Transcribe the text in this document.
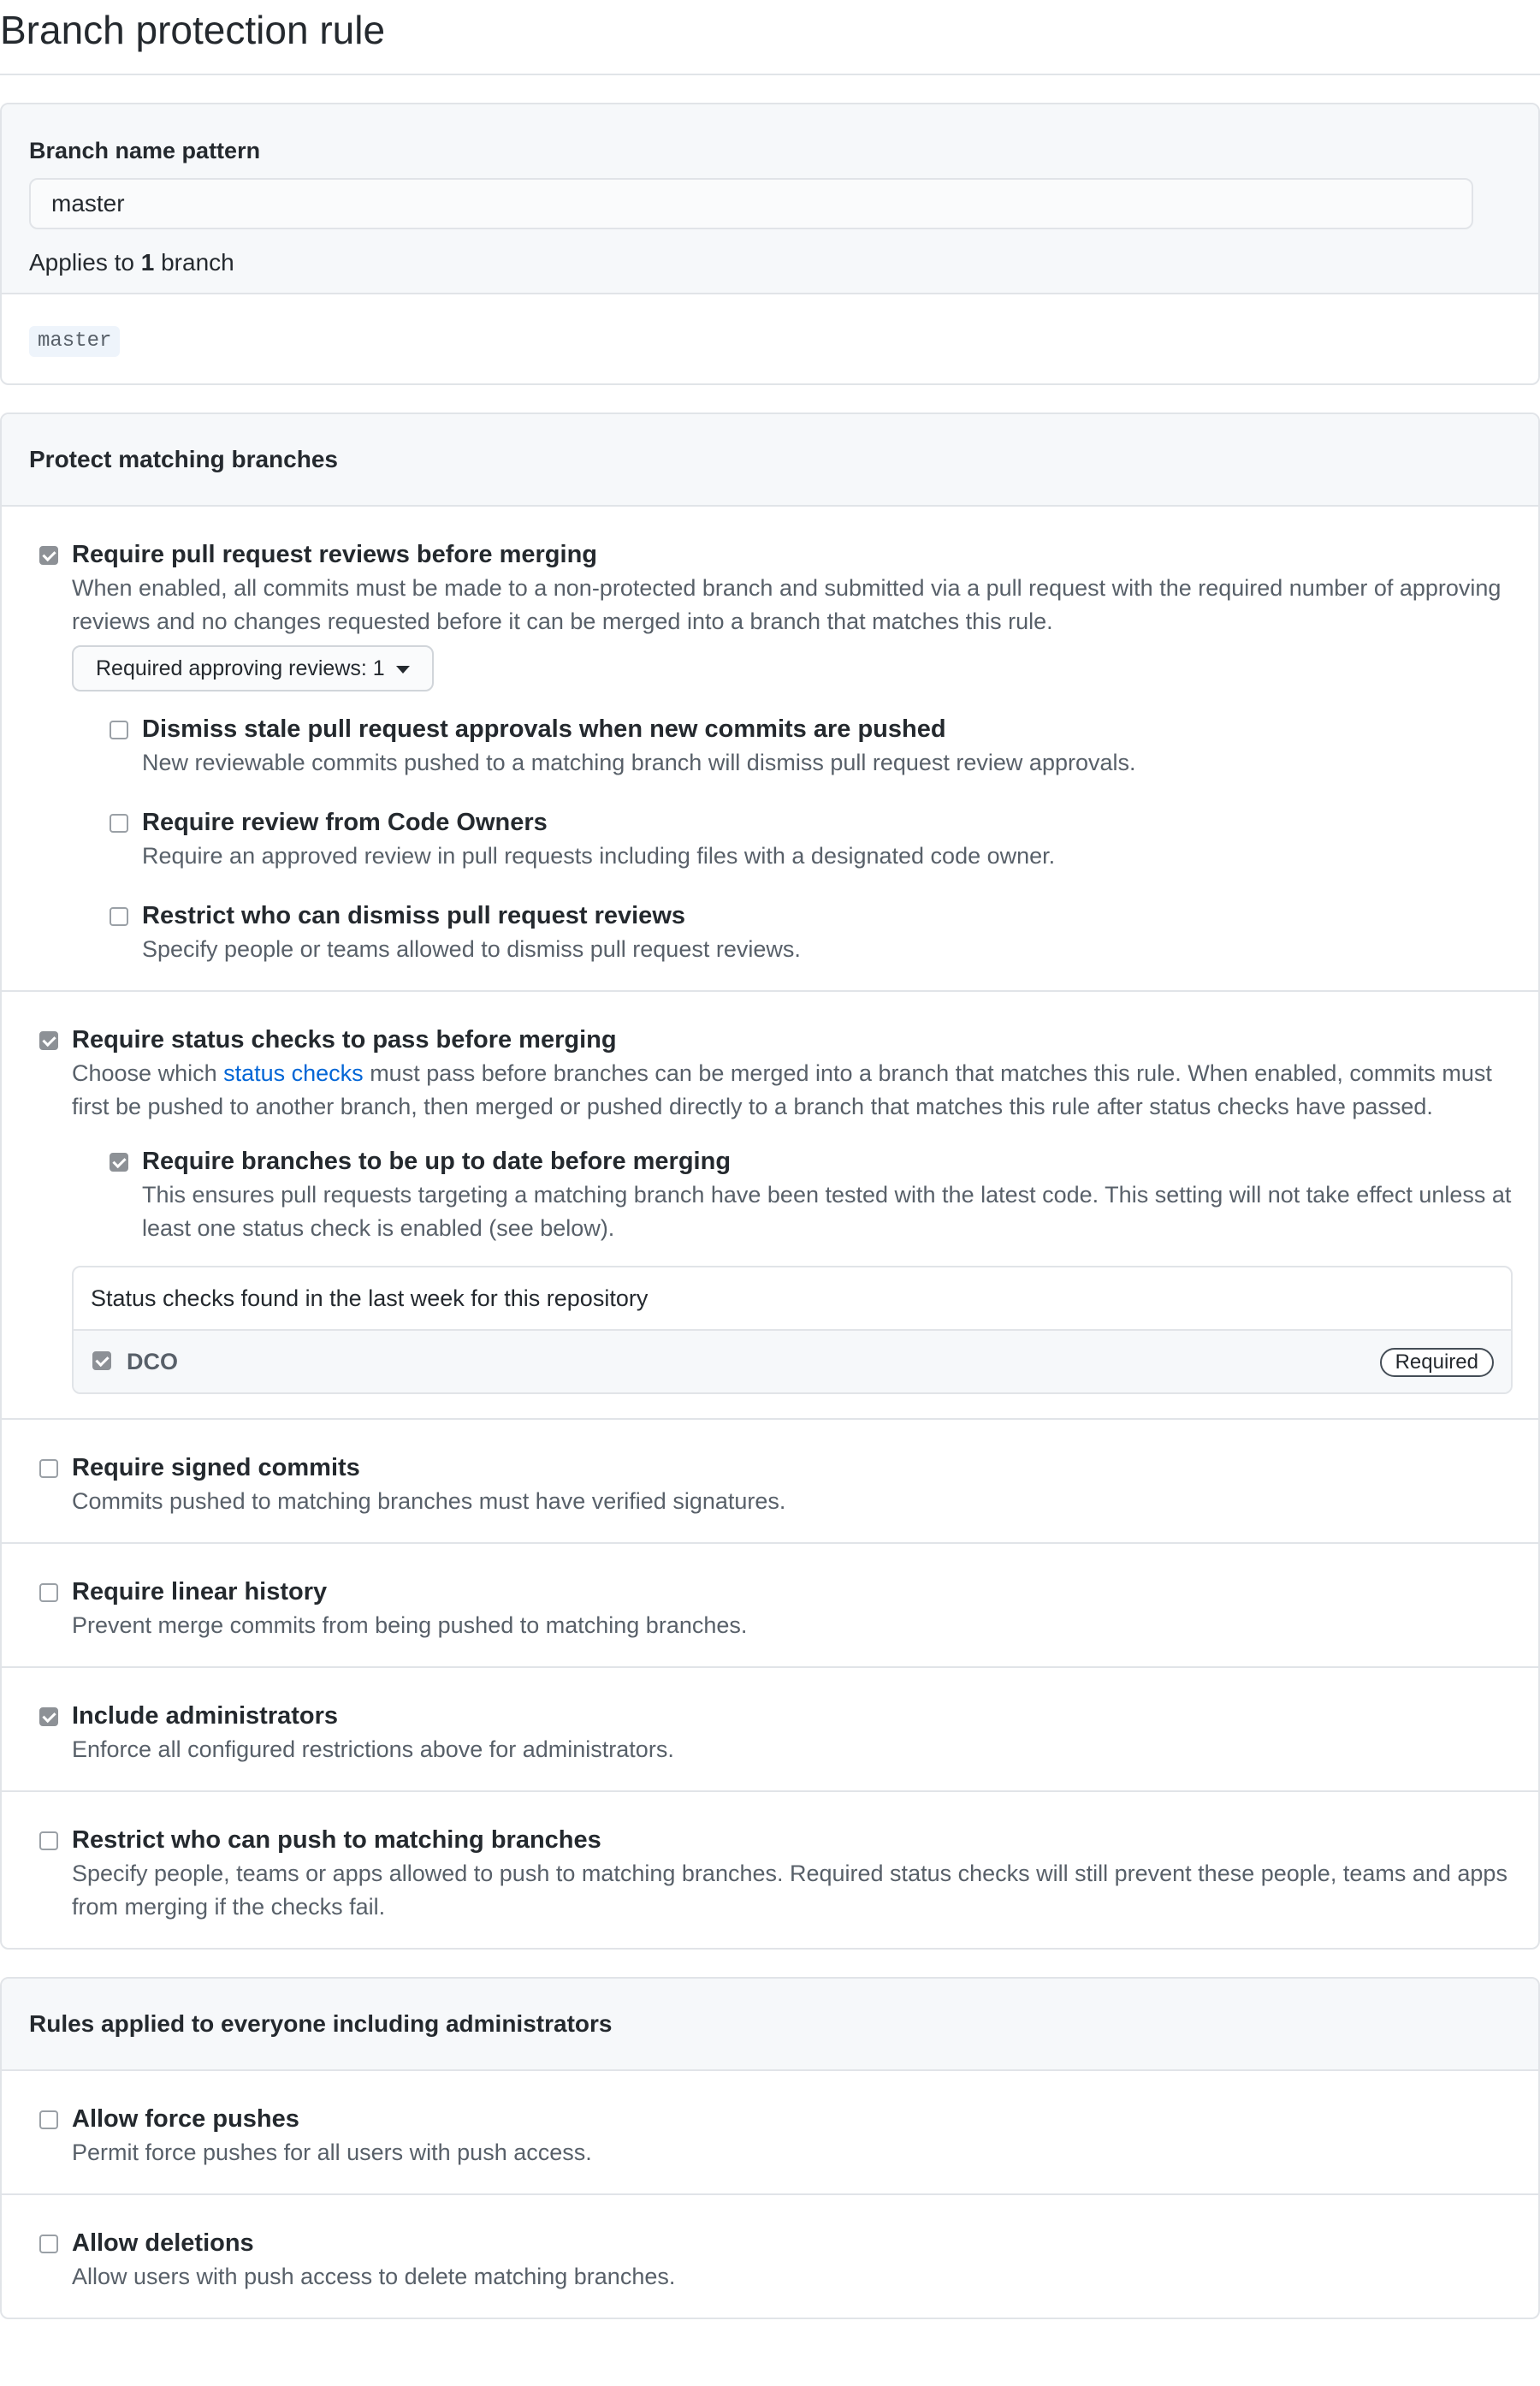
Branch protection rule
Branch name pattern
master
Applies to 1 branch
master
Protect matching branches
Require pull request reviews before merging
When enabled, all commits must be made to a non-protected branch and submitted via a pull request with the required number of approving reviews and no changes requested before it can be merged into a branch that matches this rule.
Required approving reviews: 1
Dismiss stale pull request approvals when new commits are pushed
New reviewable commits pushed to a matching branch will dismiss pull request review approvals.
Require review from Code Owners
Require an approved review in pull requests including files with a designated code owner.
Restrict who can dismiss pull request reviews
Specify people or teams allowed to dismiss pull request reviews.
Require status checks to pass before merging
Choose which status checks must pass before branches can be merged into a branch that matches this rule. When enabled, commits must first be pushed to another branch, then merged or pushed directly to a branch that matches this rule after status checks have passed.
Require branches to be up to date before merging
This ensures pull requests targeting a matching branch have been tested with the latest code. This setting will not take effect unless at least one status check is enabled (see below).
Status checks found in the last week for this repository
DCO	Required
Require signed commits
Commits pushed to matching branches must have verified signatures.
Require linear history
Prevent merge commits from being pushed to matching branches.
Include administrators
Enforce all configured restrictions above for administrators.
Restrict who can push to matching branches
Specify people, teams or apps allowed to push to matching branches. Required status checks will still prevent these people, teams and apps from merging if the checks fail.
Rules applied to everyone including administrators
Allow force pushes
Permit force pushes for all users with push access.
Allow deletions
Allow users with push access to delete matching branches.
